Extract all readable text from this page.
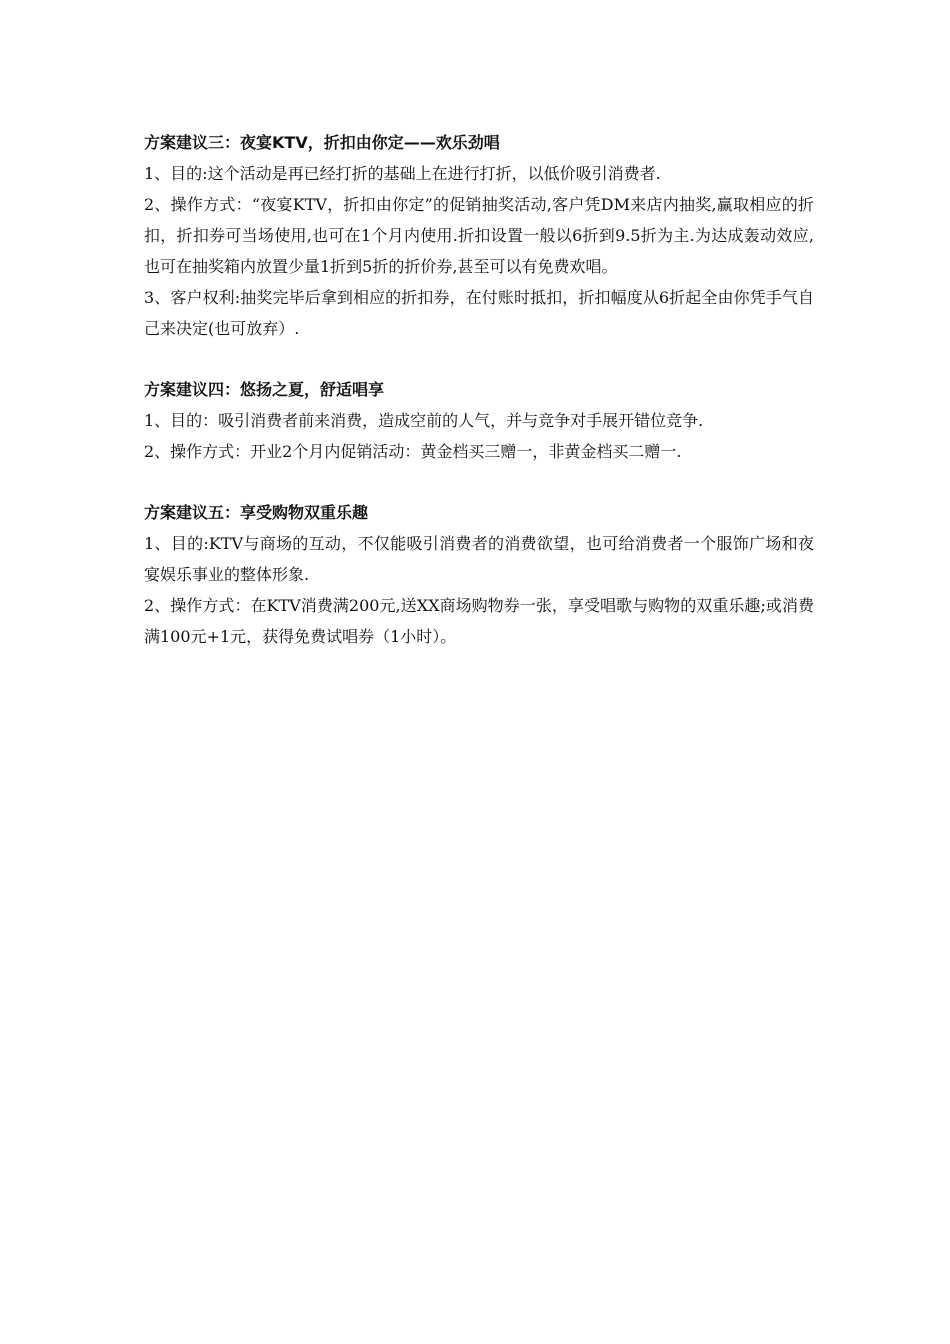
方案建议三：夜宴KTV，折扣由你定——欢乐劲唱

1、目的:这个活动是再已经打折的基础上在进行打折，以低价吸引消费者.

2、操作方式：“夜宴KTV，折扣由你定”的促销抽奖活动,客户凭DM来店内抽奖,赢取相应的折扣，折扣券可当场使用,也可在1个月内使用.折扣设置一般以6折到9.5折为主.为达成轰动效应,也可在抽奖箱内放置少量1折到5折的折价券,甚至可以有免费欢唱。

3、客户权利:抽奖完毕后拿到相应的折扣券，在付账时抵扣，折扣幅度从6折起全由你凭手气自己来决定(也可放弃）.

方案建议四：悠扬之夏，舒适唱享

1、目的：吸引消费者前来消费，造成空前的人气，并与竞争对手展开错位竞争.

2、操作方式：开业2个月内促销活动：黄金档买三赠一，非黄金档买二赠一.

方案建议五：享受购物双重乐趣

1、目的:KTV与商场的互动，不仅能吸引消费者的消费欲望，也可给消费者一个服饰广场和夜宴娱乐事业的整体形象.

2、操作方式：在KTV消费满200元,送XX商场购物券一张，享受唱歌与购物的双重乐趣;或消费满100元+1元，获得免费试唱券（1小时）。
